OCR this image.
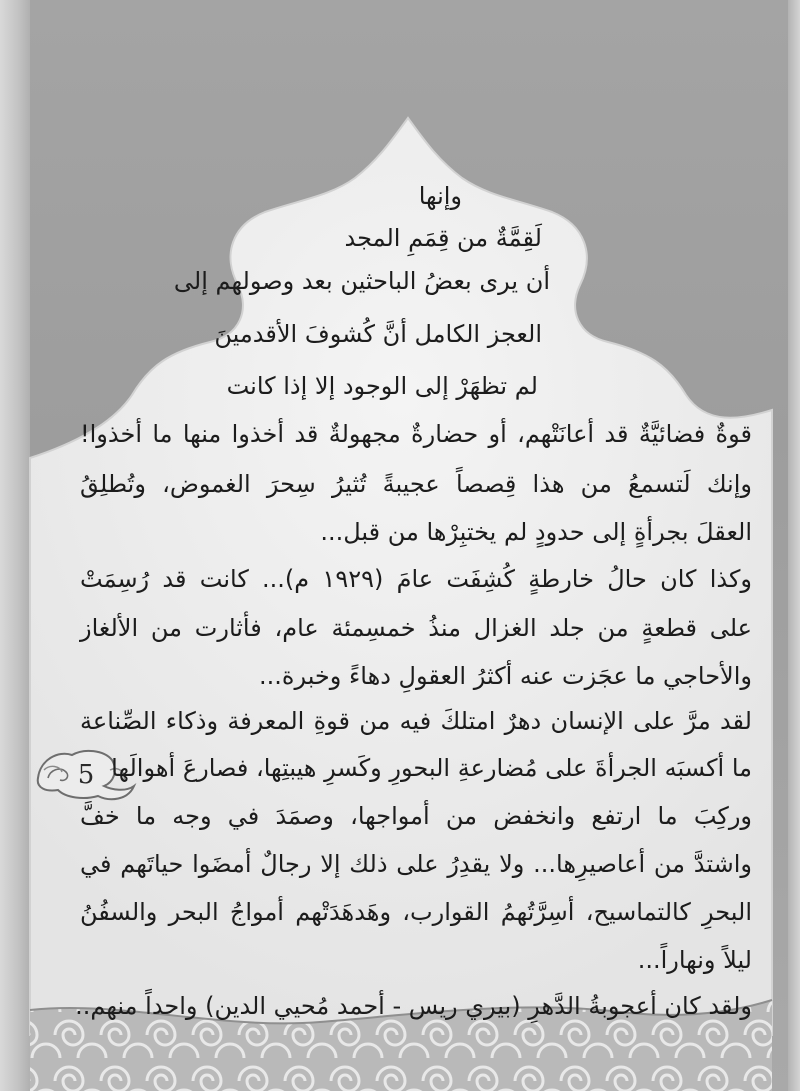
5
وإنها
لَقِمَّةٌ من قِمَمِ المجد
أن يرى بعضُ الباحثين بعد وصولهم إلى
العجز الكامل أنَّ كُشوفَ الأقدمينَ
لم تظهَرْ إلى الوجود إلا إذا كانت
قوةٌ فضائيَّةٌ قد أعانَتْهم، أو حضارةٌ مجهولةٌ قد أخذوا منها ما أخذوا!
وإنك لَتسمعُ من هذا قِصصاً عجيبةً تُثيرُ سِحرَ الغموض، وتُطلِقُ
العقلَ بجرأةٍ إلى حدودٍ لم يختبِرْها من قبل...
وكذا كان حالُ خارطةٍ كُشِفَت عامَ (١٩٢٩ م)... كانت قد رُسِمَتْ
على قطعةٍ من جلد الغزال منذُ خمسِمئة عام، فأثارت من الألغاز
والأحاجي ما عجَزت عنه أكثرُ العقولِ دهاءً وخبرة...
لقد مرَّ على الإنسان دهرٌ امتلكَ فيه من قوةِ المعرفة وذكاء الصِّناعة
ما أكسبَه الجرأةَ على مُضارعةِ البحورِ وكَسرِ هيبتِها، فصارعَ أهوالَها
وركِبَ ما ارتفع وانخفض من أمواجها، وصمَدَ في وجه ما خفَّ
واشتدَّ من أعاصيرِها... ولا يقدِرُ على ذلك إلا رجالٌ أمضَوا حياتَهم في
البحرِ كالتماسيح، أسِرَّتُهمُ القوارب، وهَدهَدَتْهم أمواجُ البحر والسفُنُ
ليلاً ونهاراً...
ولقد كان أعجوبةُ الدَّهرِ (بيري ريس - أحمد مُحيي الدين) واحداً منهم..
